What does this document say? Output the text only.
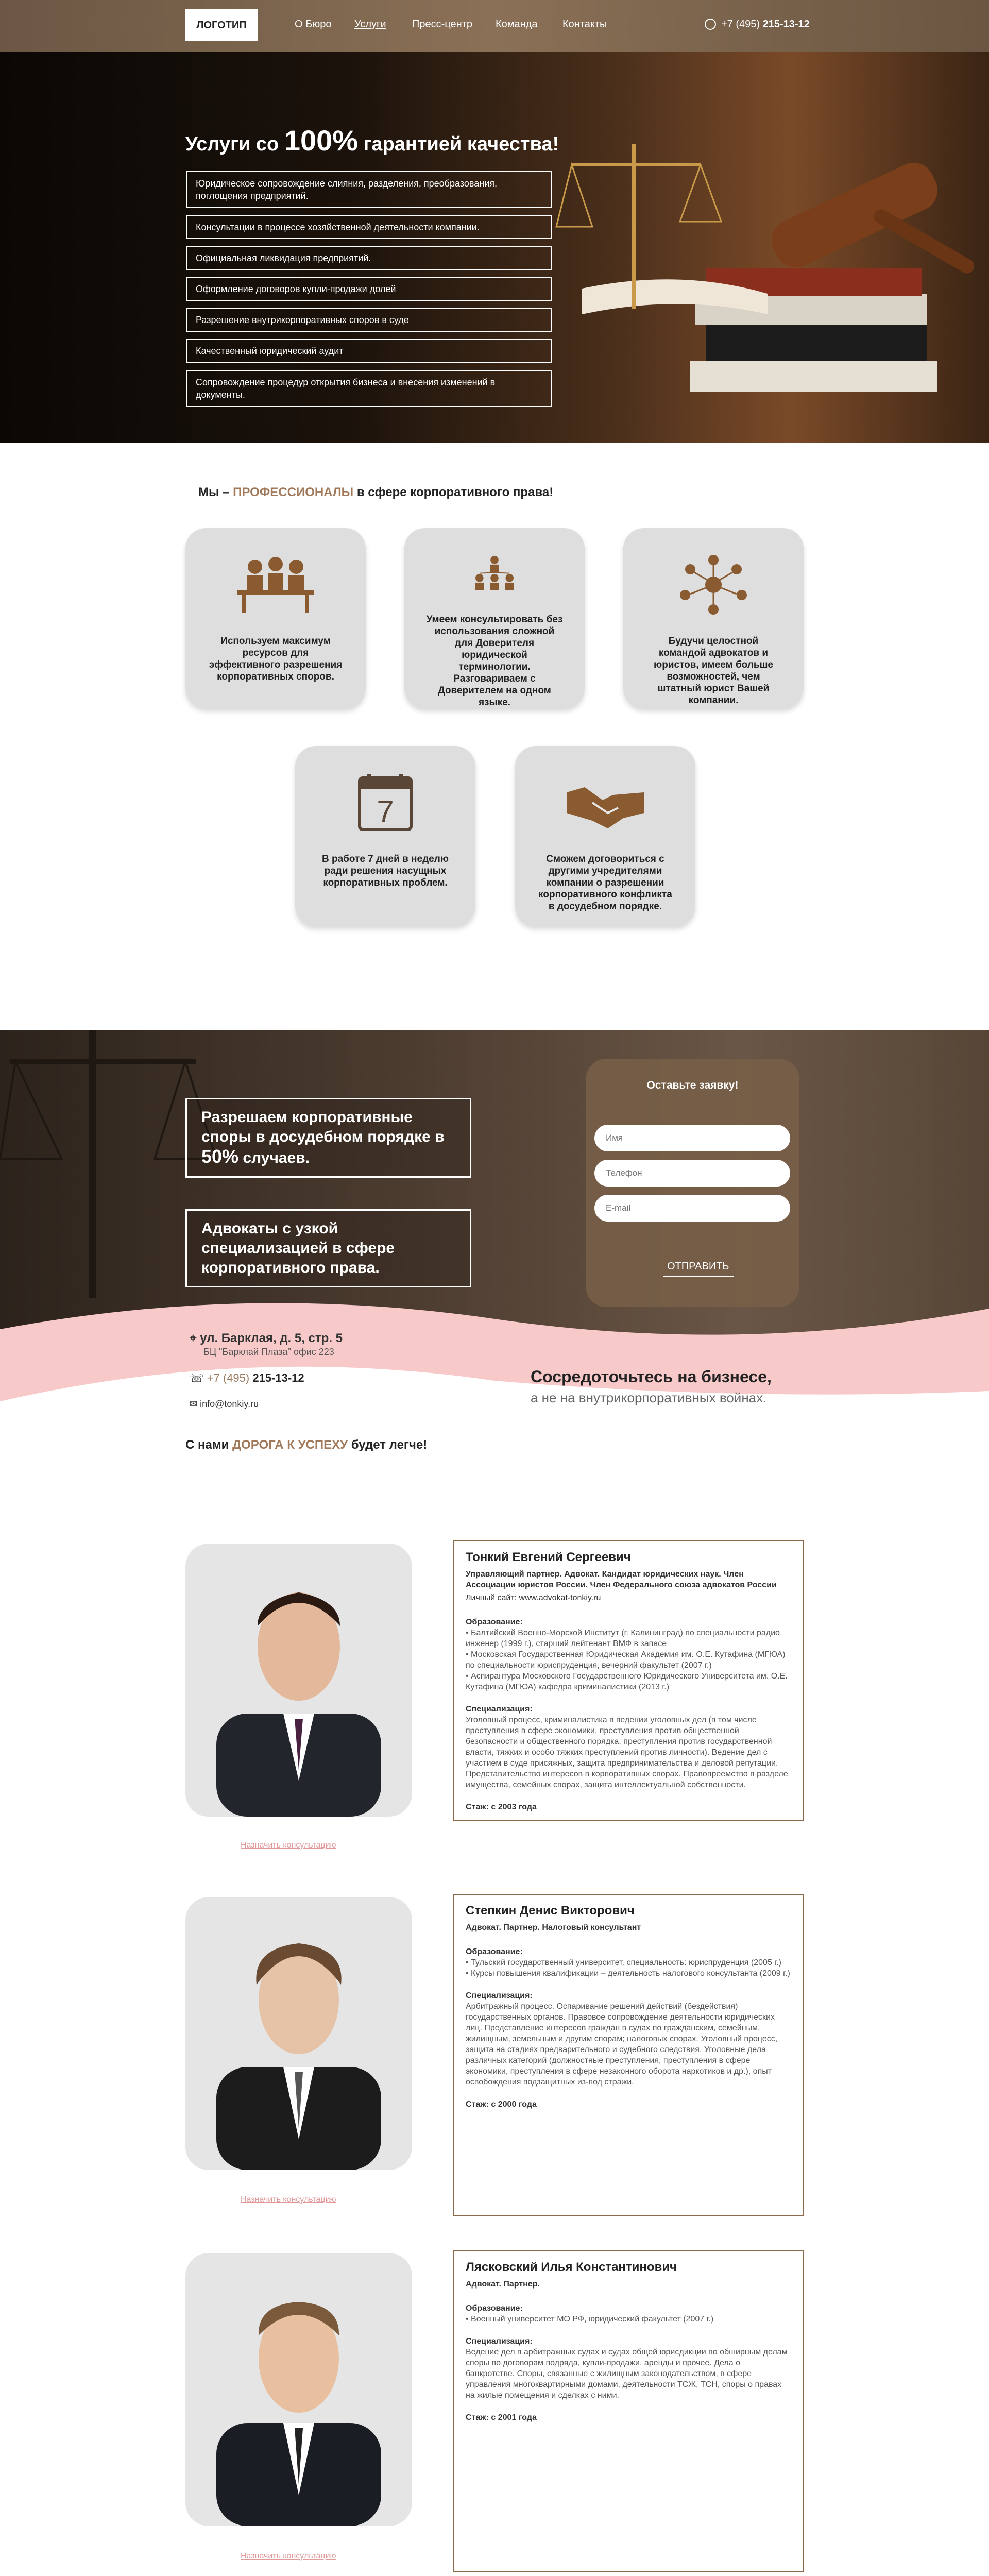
ЛОГОТИП	О Бюро Услуги	Пресс-центр Команда Контакты	+7 (495) 215-13-12
Услуги со 100% гарантией качества!
Юридическое сопровождение слияния, разделения, преобразования, поглощения предприятий.
Консультации в процессе хозяйственной деятельности компании.
Официальная ликвидация предприятий.
Оформление договоров купли-продажи долей
Разрешение внутрикорпоративных споров в суде
Качественный юридический аудит
Сопровождение процедур открытия бизнеса и внесения изменений в документы.
Узнать подробнее
Мы – ПРОФЕССИОНАЛЫ в сфере корпоративного права!
Используем максимум ресурсов для эффективного разрешения корпоративных споров.
Умеем консультировать без использования сложной для Доверителя юридической терминологии. Разговариваем с Доверителем на одном языке.
Будучи целостной командой адвокатов и юристов, имеем больше возможностей, чем штатный юрист Вашей компании.
7
В работе 7 дней в неделю ради решения насущных корпоративных проблем.
Сможем договориться с другими учредителями компании о разрешении корпоративного конфликта в досудебном порядке.
Разрешаем корпоративные споры в досудебном порядке в 50% случаев.
Адвокаты с узкой специализацией в сфере корпоративного права.
Оставьте заявку!
Имя
Телефон
E-mail
ОТПРАВИТЬ
⌖ ул. Барклая, д. 5, стр. 5
БЦ "Барклай Плаза" офис 223
☏ +7 (495) 215-13-12
✉ info@tonkiy.ru
Сосредоточьтесь на бизнесе,
а не на внутрикорпоративных войнах.
С нами ДОРОГА К УСПЕХУ будет легче!
Назначить консультацию
Тонкий Евгений Сергеевич
Управляющий партнер. Адвокат. Кандидат юридических наук. Член Ассоциации юристов России. Член Федерального союза адвокатов России
Личный сайт: www.advokat-tonkiy.ru
Образование:
• Балтийский Военно-Морской Институт (г. Калининград) по специальности радио инженер (1999 г.), старший лейтенант ВМФ в запасе
• Московская Государственная Юридическая Академия им. О.Е. Кутафина (МГЮА) по специальности юриспруденция, вечерний факультет (2007 г.)
• Аспирантура Московского Государственного Юридического Университета им. О.Е. Кутафина (МГЮА) кафедра криминалистики (2013 г.)
Специализация:
Уголовный процесс, криминалистика в ведении уголовных дел (в том числе преступления в сфере экономики, преступления против общественной безопасности и общественного порядка, преступления против государственной власти, тяжких и особо тяжких преступлений против личности). Ведение дел с участием в суде присяжных, защита предпринимательства и деловой репутации. Представительство интересов в корпоративных спорах. Правопреемство в разделе имущества, семейных спорах, защита интеллектуальной собственности.
Стаж: с 2003 года
Назначить консультацию
Степкин Денис Викторович
Адвокат. Партнер. Налоговый консультант
Образование:
• Тульский государственный университет, специальность: юриспруденция (2005 г.)
• Курсы повышения квалификации – деятельность налогового консультанта (2009 г.)
Специализация:
Арбитражный процесс. Оспаривание решений действий (бездействия) государственных органов. Правовое сопровождение деятельности юридических лиц. Представление интересов граждан в судах по гражданским, семейным, жилищным, земельным и другим спорам; налоговых спорах. Уголовный процесс, защита на стадиях предварительного и судебного следствия. Уголовные дела различных категорий (должностные преступления, преступления в сфере экономики, преступления в сфере незаконного оборота наркотиков и др.), опыт освобождения подзащитных из-под стражи.
Стаж: с 2000 года
Назначить консультацию
Лясковский Илья Константинович
Адвокат. Партнер.
Образование:
• Военный университет МО РФ, юридический факультет (2007 г.)
Специализация:
Ведение дел в арбитражных судах и судах общей юрисдикции по обширным делам споры по договорам подряда, купли-продажи, аренды и прочее. Дела о банкротстве. Споры, связанные с жилищным законодательством, в сфере управления многоквартирными домами, деятельности ТСЖ, ТСН, споры о правах на жилые помещения и сделках с ними.
Стаж: с 2001 года
